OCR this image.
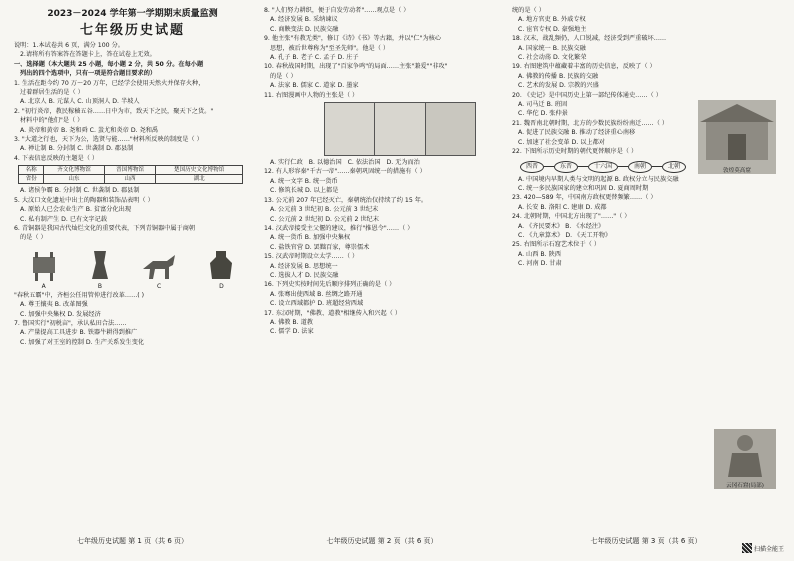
2023－2024 学年第一学期期末质量监测
七年级历史试题
说明：1.本试卷共 6 页，满分 100 分。
2.请将所有答案答在答题卡上，答在试卷上无效。
一、选择题（本大题共 25 小题，每小题 2 分，共 50 分。在每小题
列出的四个选项中，只有一项是符合题目要求的）
1. 生活在距今约 70 万～20 万年，已经学会使用天然火并保存火种，
过着群居生活的是（ ）
A. 北京人 B. 元谋人 C. 山顶洞人 D. 半坡人
2. "初行炎帝，教民稼穑五谷……日中为市，致天下之民，聚天下之货。"
材料中的"他们"是（ ）
A. 炎帝和黄帝 B. 尧和舜 C. 蚩尤和炎帝 D. 尧和禹
3. "大道之行也，天下为公，选贤与能……"材料所反映的制度是（ ）
A. 禅让制 B. 分封制 C. 世袭制 D. 郡县制
4. 下表信息反映的主题是（ ）
名称	齐文化博物馆	晋国博物馆	楚国历史文化博物馆
省份	山东	山西	湖北
A. 诸侯争霸 B. 分封制 C. 世袭制 D. 郡县制
5. 大汶口文化遗址中出土的陶器和装饰品表明（ ）
A. 原始人已会农业生产 B. 贫富分化出现
C. 私有制产生 D. 已有文字记载
6. 青铜器是我国古代灿烂文化的重要代表，下列青铜器中属于商朝
的是（ ）
A	B	C	D
"春秋五霸"中，齐桓公任用管仲进行改革……( )
A. 尊王攘夷 B. 改革图强
C. 加强中央集权 D. 发展经济
7. 鲁国实行"初税亩"，承认私田合法……
A. 产量提高工具进步 B. 铁器牛耕得到推广
C. 加强了对王室的控制 D. 生产关系发生变化
七年级历史试题 第 1 页（共 6 页）
8. "人们努力耕织，便于自发劳动者"……观点是（ ）
A. 经济发展 B. 采纳谏议
C. 商鞅变法 D. 民族交融
9. 他主张"有教无类"，修订《诗》《书》等古籍，并以"仁"为核心
思想，被后世尊称为"至圣先师"。他是（ ）
A. 孔子 B. 老子 C. 孟子 D. 庄子
10. 春秋战国时期，出现了"百家争鸣"的局面……主张"兼爱""非攻"
的是（ ）
A. 法家 B. 儒家 C. 道家 D. 墨家
11. 右图漫画中人物的主张是（ ）
A. 实行仁政 B. 以德治国 C. 依法治国 D. 无为而治
12. 有人形容秦"千古一帝"……秦朝巩固统一的措施有（ ）
A. 统一文字 B. 统一货币
C. 修筑长城 D. 以上都是
13. 公元前 207 年已经灭亡，秦朝统治仅持续了约 15 年。
A. 公元前 3 世纪初 B. 公元前 3 世纪末
C. 公元前 2 世纪初 D. 公元前 2 世纪末
14. 汉武帝接受主父偃的建议，推行"推恩令"……（ ）
A. 统一货币 B. 加强中央集权
C. 盐铁官营 D. 罢黜百家，尊崇儒术
15. 汉武帝时期设立太学……（ ）
A. 经济发展 B. 思想统一
C. 选拔人才 D. 民族交融
16. 下列史实按时间先后顺序排列正确的是（ ）
A. 张骞出使西域 B. 丝绸之路开通
C. 设立西域都护 D. 班超经营西域
17. 东汉时期，"佛教、道教"相继传入和兴起（ ）
A. 佛教 B. 道教
C. 儒学 D. 法家
七年级历史试题 第 2 页（共 6 页）
统的是（ ）
A. 地方官吏 B. 外戚专权
C. 宦官专权 D. 豪强地主
18. 汉末，战乱频仍，人口锐减，经济受到严重破坏……
A. 国家统一 B. 民族交融
C. 社会动荡 D. 文化繁荣
19. 右图建筑中蕴藏着丰富的历史信息，反映了（ ）
A. 佛教的传播 B. 民族的交融
C. 艺术的发展 D. 宗教的兴盛
20. 《史记》是中国历史上第一部纪传体通史……（ ）
A. 司马迁 B. 班固
C. 华佗 D. 张仲景
21. 魏晋南北朝时期，北方的少数民族纷纷南迁……（ ）
A. 促进了民族交融 B. 推动了经济重心南移
C. 加速了社会变革 D. 以上都对
22. 下图所示历史时期的朝代更替顺序是（ ）
西晋	东晋	十六国	南朝	北朝
A. 中国境内早期人类与文明的起源 B. 政权分立与民族交融
C. 统一多民族国家的建立和巩固 D. 夏商周时期
23. 420—589 年，中国南方政权更替频繁……（ ）
A. 长安 B. 洛阳 C. 建康 D. 成都
24. 北朝时期，中国北方出现了"……"（ ）
A. 《齐民要术》 B. 《水经注》
C. 《九章算术》 D. 《天工开物》
25. 右图所示石窟艺术位于（ ）
A. 山西 B. 陕西
C. 河南 D. 甘肃
敦煌莫高窟
云冈石窟(局部)
七年级历史试题 第 3 页（共 6 页）
扫描全能王
